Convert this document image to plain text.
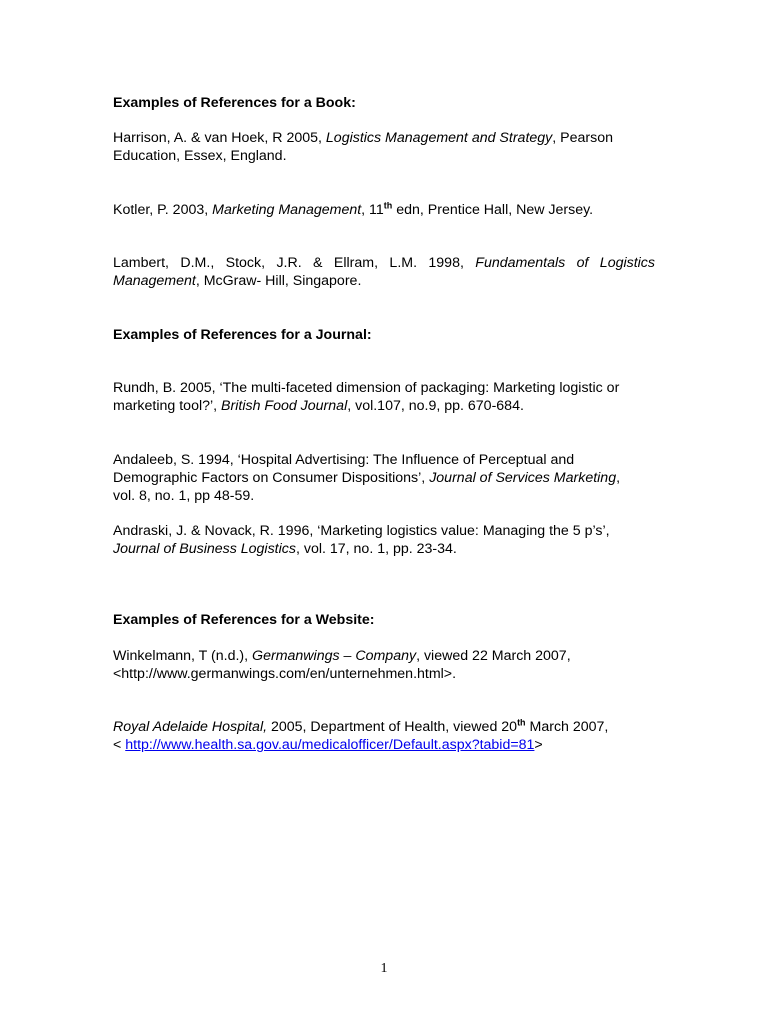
Examples of References for a Book:

Harrison, A. & van Hoek, R 2005, Logistics Management and Strategy, Pearson
Education, Essex, England.

Kotler, P. 2003, Marketing Management, 11th edn, Prentice Hall, New Jersey.

Lambert, D.M., Stock, J.R. & Ellram, L.M. 1998, Fundamentals of Logistics
Management, McGraw- Hill, Singapore.

Examples of References for a Journal:

Rundh, B. 2005, ‘The multi-faceted dimension of packaging: Marketing logistic or
marketing tool?’, British Food Journal, vol.107, no.9, pp. 670-684.

Andaleeb, S. 1994, ‘Hospital Advertising: The Influence of Perceptual and
Demographic Factors on Consumer Dispositions’, Journal of Services Marketing,
vol. 8, no. 1, pp 48-59.

Andraski, J. & Novack, R. 1996, ‘Marketing logistics value: Managing the 5 p’s’,
Journal of Business Logistics, vol. 17, no. 1, pp. 23-34.

Examples of References for a Website:

Winkelmann, T (n.d.), Germanwings – Company, viewed 22 March 2007,
<http://www.germanwings.com/en/unternehmen.html>.

Royal Adelaide Hospital, 2005, Department of Health, viewed 20th March 2007,
< http://www.health.sa.gov.au/medicalofficer/Default.aspx?tabid=81>

1
